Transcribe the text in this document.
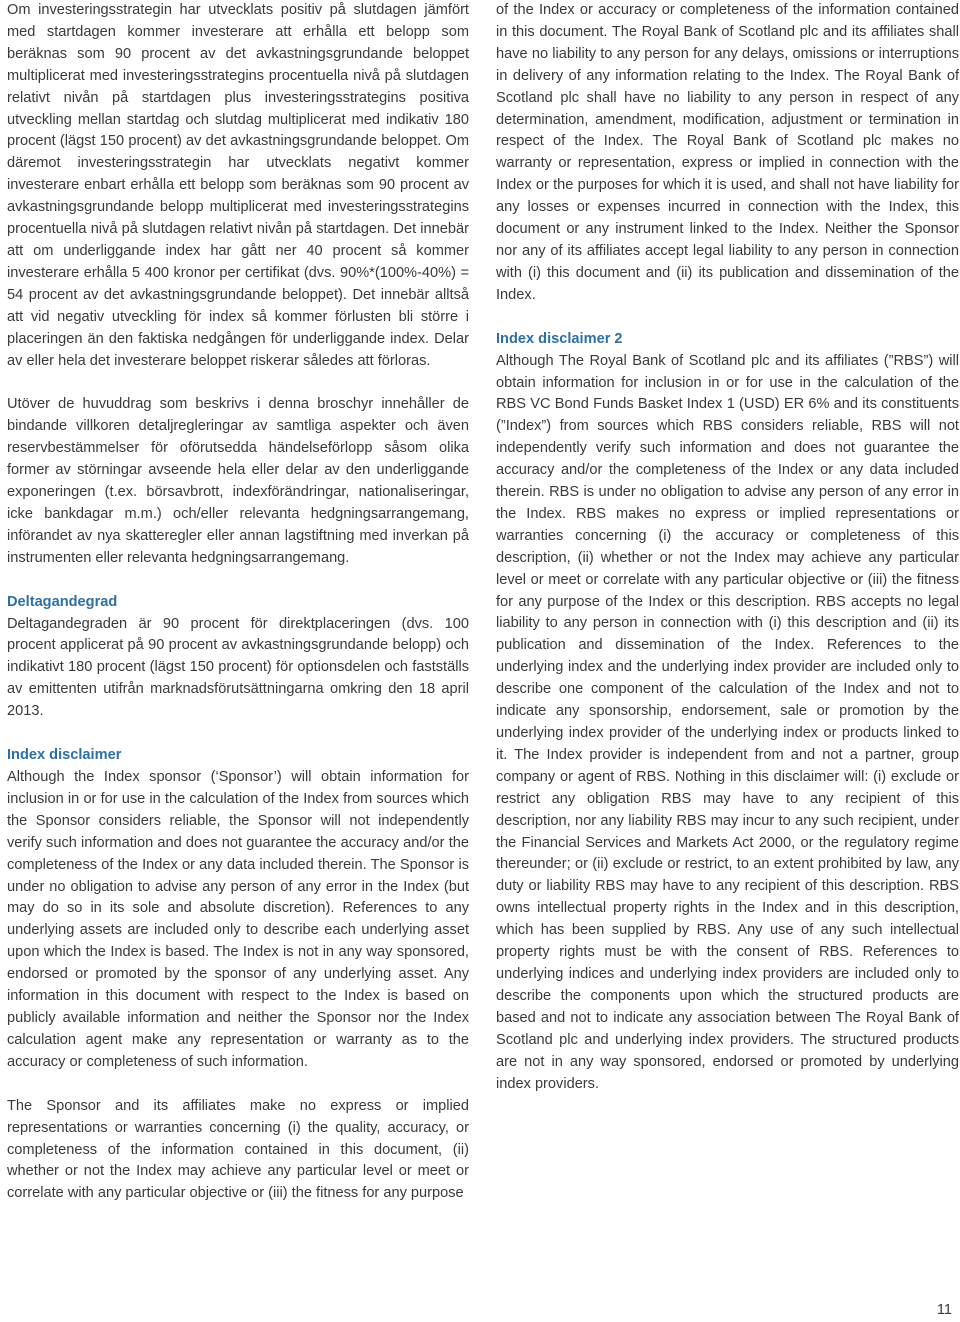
Om investeringsstrategin har utvecklats positiv på slutdagen jämfört med startdagen kommer investerare att erhålla ett belopp som beräknas som 90 procent av det avkastningsgrundande beloppet multiplicerat med investeringsstrategins procentuella nivå på slutdagen relativt nivån på startdagen plus investeringsstrategins positiva utveckling mellan startdag och slutdag multiplicerat med indikativ 180 procent (lägst 150 procent) av det avkastningsgrundande beloppet. Om däremot investeringsstrategin har utvecklats negativt kommer investerare enbart erhålla ett belopp som beräknas som 90 procent av avkastningsgrundande belopp multiplicerat med investeringsstrategins procentuella nivå på slutdagen relativt nivån på startdagen. Det innebär att om underliggande index har gått ner 40 procent så kommer investerare erhålla 5 400 kronor per certifikat (dvs. 90%*(100%-40%) = 54 procent av det avkastningsgrundande beloppet). Det innebär alltså att vid negativ utveckling för index så kommer förlusten bli större i placeringen än den faktiska nedgången för underliggande index. Delar av eller hela det investerare beloppet riskerar således att förloras.

Utöver de huvuddrag som beskrivs i denna broschyr innehåller de bindande villkoren detaljregleringar av samtliga aspekter och även reservbestämmelser för oförutsedda händelseförlopp såsom olika former av störningar avseende hela eller delar av den underliggande exponeringen (t.ex. börsavbrott, indexförändringar, nationaliseringar, icke bankdagar m.m.) och/eller relevanta hedgningsarrangemang, införandet av nya skatteregler eller annan lagstiftning med inverkan på instrumenten eller relevanta hedgningsarrangemang.

Deltagandegrad

Deltagandegraden är 90 procent för direktplaceringen (dvs. 100 procent applicerat på 90 procent av avkastningsgrundande belopp) och indikativt 180 procent (lägst 150 procent) för optionsdelen och fastställs av emittenten utifrån marknadsförutsättningarna omkring den 18 april 2013.

Index disclaimer

Although the Index sponsor (‘Sponsor’) will obtain information for inclusion in or for use in the calculation of the Index from sources which the Sponsor considers reliable, the Sponsor will not independently verify such information and does not guarantee the accuracy and/or the completeness of the Index or any data included therein. The Sponsor is under no obligation to advise any person of any error in the Index (but may do so in its sole and absolute discretion). References to any underlying assets are included only to describe each underlying asset upon which the Index is based. The Index is not in any way sponsored, endorsed or promoted by the sponsor of any underlying asset. Any information in this document with respect to the Index is based on publicly available information and neither the Sponsor nor the Index calculation agent make any representation or warranty as to the accuracy or completeness of such information.

The Sponsor and its affiliates make no express or implied representations or warranties concerning (i) the quality, accuracy, or completeness of the information contained in this document, (ii) whether or not the Index may achieve any particular level or meet or correlate with any particular objective or (iii) the fitness for any purpose

of the Index or accuracy or completeness of the information contained in this document. The Royal Bank of Scotland plc and its affiliates shall have no liability to any person for any delays, omissions or interruptions in delivery of any information relating to the Index. The Royal Bank of Scotland plc shall have no liability to any person in respect of any determination, amendment, modification, adjustment or termination in respect of the Index. The Royal Bank of Scotland plc makes no warranty or representation, express or implied in connection with the Index or the purposes for which it is used, and shall not have liability for any losses or expenses incurred in connection with the Index, this document or any instrument linked to the Index. Neither the Sponsor nor any of its affiliates accept legal liability to any person in connection with (i) this document and (ii) its publication and dissemination of the Index.

Index disclaimer 2

Although The Royal Bank of Scotland plc and its affiliates (”RBS”) will obtain information for inclusion in or for use in the calculation of the RBS VC Bond Funds Basket Index 1 (USD) ER 6% and its constituents (”Index”) from sources which RBS considers reliable, RBS will not independently verify such information and does not guarantee the accuracy and/or the completeness of the Index or any data included therein. RBS is under no obligation to advise any person of any error in the Index. RBS makes no express or implied representations or warranties concerning (i) the accuracy or completeness of this description, (ii) whether or not the Index may achieve any particular level or meet or correlate with any particular objective or (iii) the fitness for any purpose of the Index or this description. RBS accepts no legal liability to any person in connection with (i) this description and (ii) its publication and dissemination of the Index. References to the underlying index and the underlying index provider are included only to describe one component of the calculation of the Index and not to indicate any sponsorship, endorsement, sale or promotion by the underlying index provider of the underlying index or products linked to it. The Index provider is independent from and not a partner, group company or agent of RBS. Nothing in this disclaimer will: (i) exclude or restrict any obligation RBS may have to any recipient of this description, nor any liability RBS may incur to any such recipient, under the Financial Services and Markets Act 2000, or the regulatory regime thereunder; or (ii) exclude or restrict, to an extent prohibited by law, any duty or liability RBS may have to any recipient of this description. RBS owns intellectual property rights in the Index and in this description, which has been supplied by RBS. Any use of any such intellectual property rights must be with the consent of RBS. References to underlying indices and underlying index providers are included only to describe the components upon which the structured products are based and not to indicate any association between The Royal Bank of Scotland plc and underlying index providers. The structured products are not in any way sponsored, endorsed or promoted by underlying index providers.

11
